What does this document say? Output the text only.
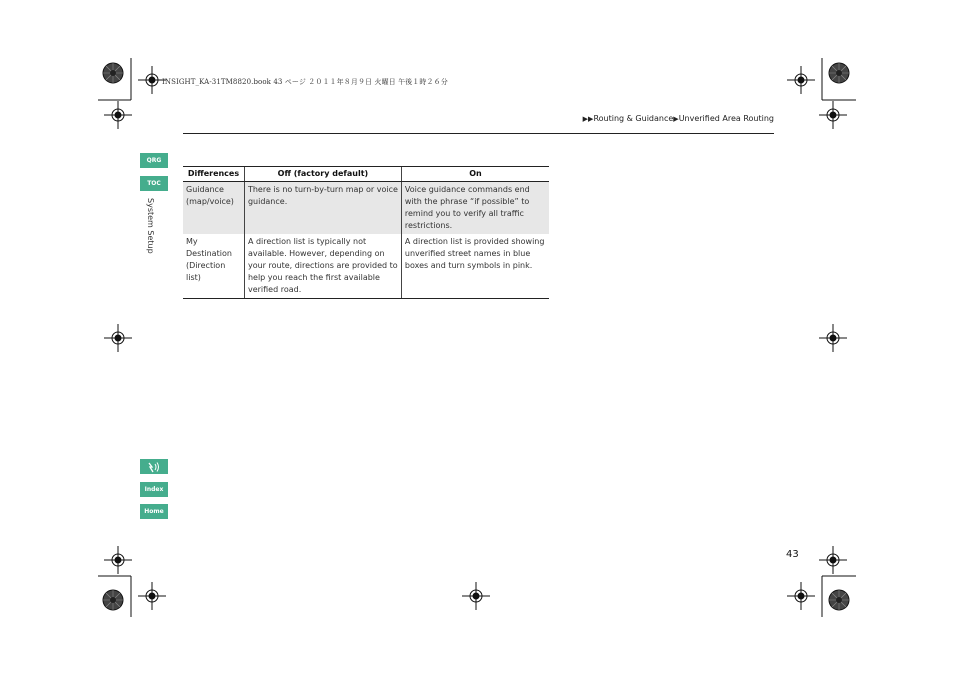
INSIGHT_KA-31TM8820.book 43 ページ ２０１１年８月９日 火曜日 午後１時２６分
▶▶Routing & Guidance▶Unverified Area Routing
QRG
TOC
System Setup
Index
Home
Differences	Off (factory default)	On
Guidance (map/voice)	There is no turn-by-turn map or voice guidance.	Voice guidance commands end with the phrase “if possible” to remind you to verify all traffic restrictions.
My Destination (Direction list)	A direction list is typically not available. However, depending on your route, directions are provided to help you reach the first available verified road.	A direction list is provided showing unverified street names in blue boxes and turn symbols in pink.
43
